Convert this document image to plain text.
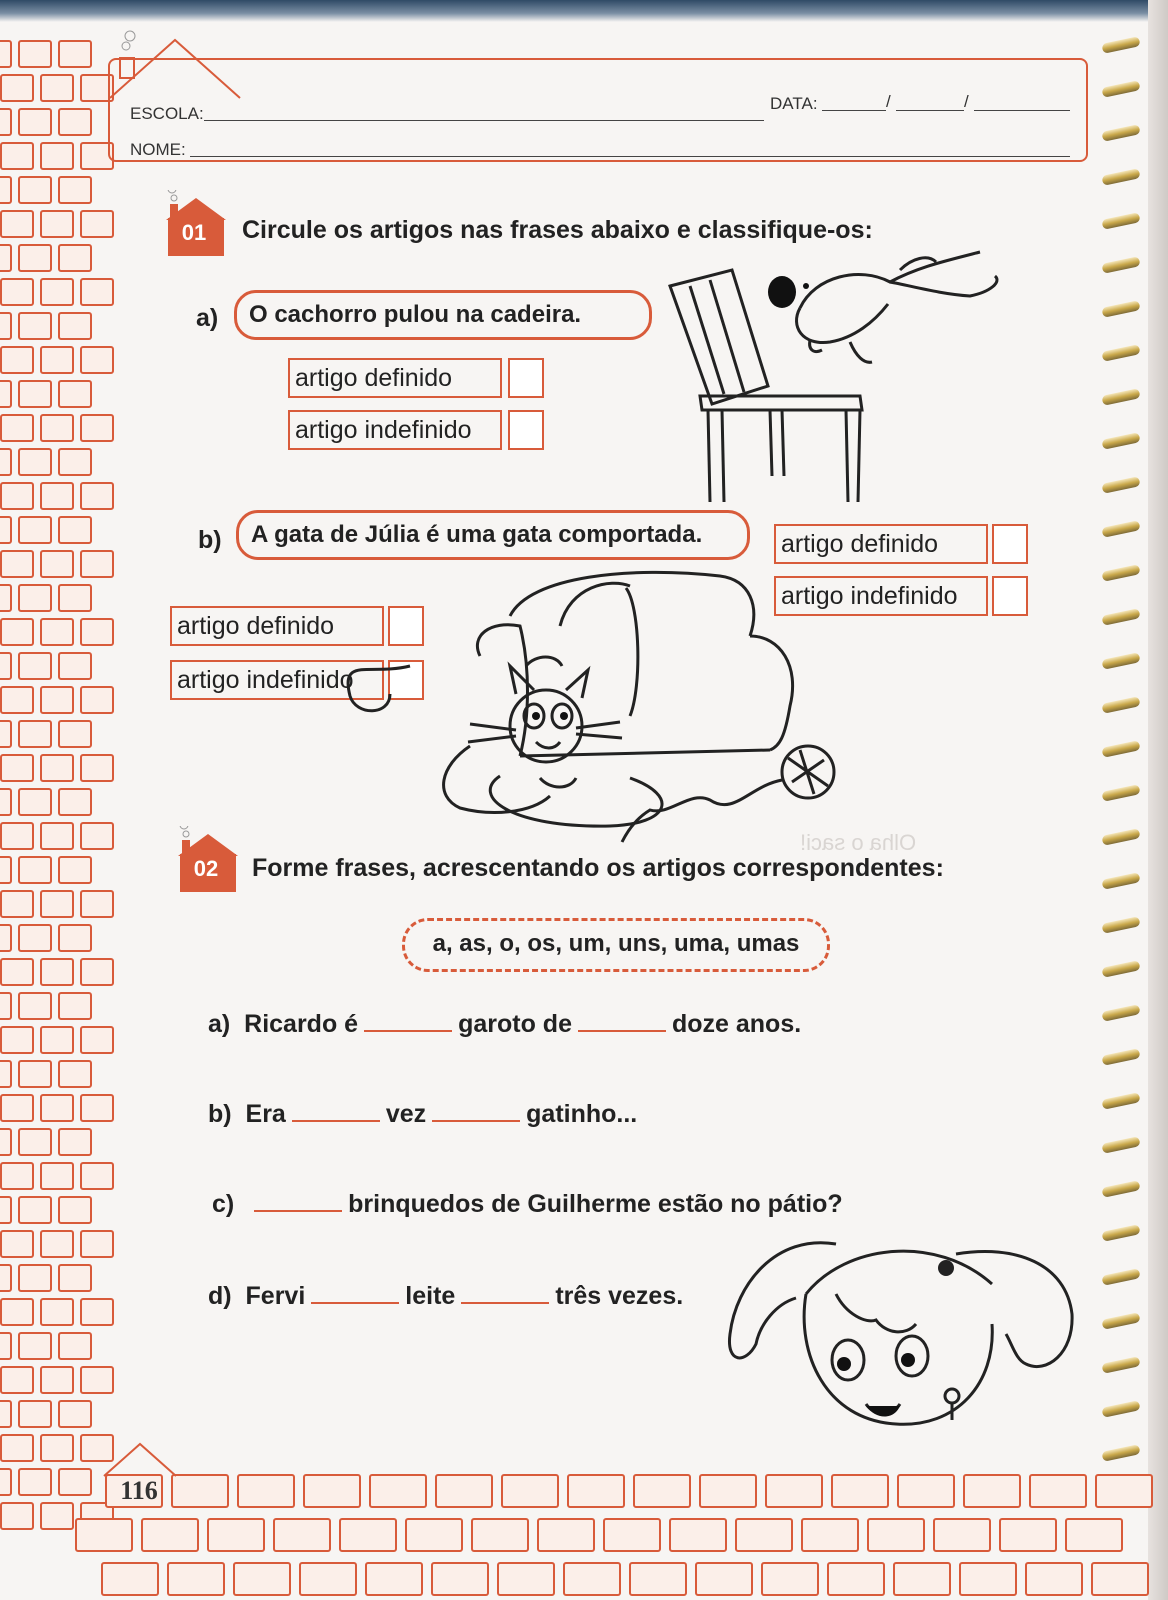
Olha o saci!
ESCOLA:
DATA:	/	/
NOME:
01	Circule os artigos nas frases abaixo e classifique-os:
a)	O cachorro pulou na cadeira.
artigo definido
artigo indefinido
b)	A gata de Júlia é uma gata comportada.	artigo definido
artigo indefinido
artigo definido
artigo indefinido
02	Forme frases, acrescentando os artigos correspondentes:
a, as, o, os, um, uns, uma, umas
a) Ricardo é	garoto de	doze anos.
b) Era	vez	gatinho...
c)	brinquedos de Guilherme estão no pátio?
d) Fervi	leite	três vezes.
116
